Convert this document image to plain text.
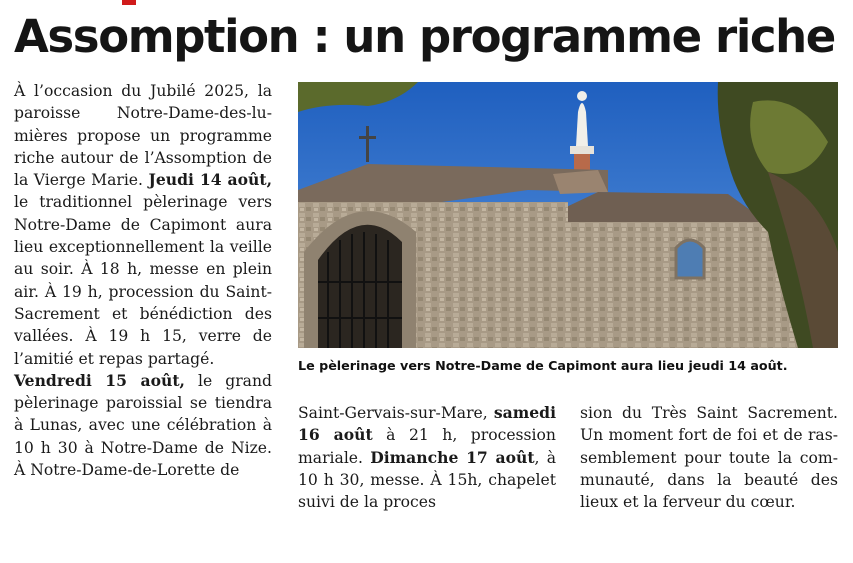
Assomption : un programme riche

À l’occasion du Jubilé 2025, la paroisse Notre-Dame-des-lumières propose un programme riche autour de l’Assomption de la Vierge Marie. Jeudi 14 août, le traditionnel pèlerinage vers Notre-Dame de Capimont aura lieu exceptionnellement la veille au soir. À 18 h, messe en plein air. À 19 h, procession du Saint-Sacrement et bénédiction des vallées. À 19 h 15, verre de l’amitié et repas partagé.

Vendredi 15 août, le grand pèlerinage paroissial se tiendra à Lunas, avec une célébration à 10 h 30 à Notre-Dame de Nize. À Notre-Dame-de-Lorette de

Le pèlerinage vers Notre-Dame de Capimont aura lieu jeudi 14 août.

Saint-Gervais-sur-Mare, samedi 16 août à 21 h, procession mariale. Dimanche 17 août, à 10 h 30, messe. À 15h, chapelet suivi de la proces

sion du Très Saint Sacrement. Un moment fort de foi et de rassemblement pour toute la communauté, dans la beauté des lieux et la ferveur du cœur.
